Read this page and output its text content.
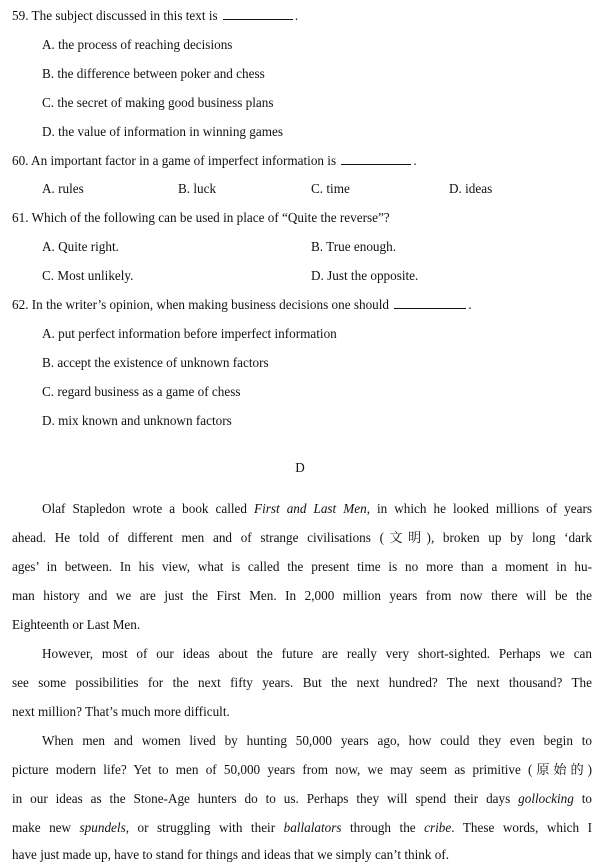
59. The subject discussed in this text is	.
A. the process of reaching decisions
B. the difference between poker and chess
C. the secret of making good business plans
D. the value of information in winning games
60. An important factor in a game of imperfect information is	.
A. rules	B. luck	C. time	D. ideas
61. Which of the following can be used in place of “Quite the reverse”?
A. Quite right.	B. True enough.
C. Most unlikely.	D. Just the opposite.
62. In the writer’s opinion, when making business decisions one should	.
A. put perfect information before imperfect information
B. accept the existence of unknown factors
C. regard business as a game of chess
D. mix known and unknown factors
D
Olaf Stapledon wrote a book called First and Last Men, in which he looked millions of years
ahead. He told of different men and of strange civilisations (文明), broken up by long ‘dark
ages’ in between. In his view, what is called the present time is no more than a moment in hu-
man history and we are just the First Men. In 2,000 million years from now there will be the
Eighteenth or Last Men.
However, most of our ideas about the future are really very short-sighted. Perhaps we can
see some possibilities for the next fifty years. But the next hundred? The next thousand? The
next million? That’s much more difficult.
When men and women lived by hunting 50,000 years ago, how could they even begin to
picture modern life? Yet to men of 50,000 years from now, we may seem as primitive (原始的)
in our ideas as the Stone-Age hunters do to us. Perhaps they will spend their days gollocking to
make new spundels, or struggling with their ballalators through the cribe. These words, which I
have just made up, have to stand for things and ideas that we simply can’t think of.
